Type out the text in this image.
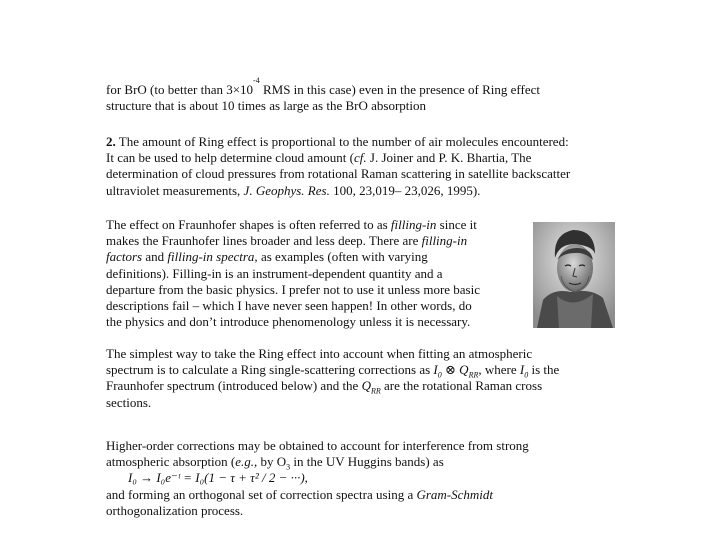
for BrO (to better than $3\times 10^{-4}$ RMS in this case) even in the presence of Ring effect
structure that is about 10 times as large as the BrO absorption
2. The amount of Ring effect is proportional to the number of air molecules encountered:
It can be used to help determine cloud amount (cf. J. Joiner and P. K. Bhartia, The
determination of cloud pressures from rotational Raman scattering in satellite backscatter
ultraviolet measurements, J. Geophys. Res. 100, 23,019– 23,026, 1995).
The effect on Fraunhofer shapes is often referred to as filling-in since it
makes the Fraunhofer lines broader and less deep. There are filling-in
factors and filling-in spectra, as examples (often with varying
definitions). Filling-in is an instrument-dependent quantity and a
departure from the basic physics. I prefer not to use it unless more basic
descriptions fail – which I have never seen happen! In other words, do
the physics and don’t introduce phenomenology unless it is necessary.
The simplest way to take the Ring effect into account when fitting an atmospheric
spectrum is to calculate a Ring single-scattering corrections as $I_0$ ⊗ $Q_{RR}$, where $I_0$ is the
Fraunhofer spectrum (introduced below) and the $Q_{RR}$ are the rotational Raman cross
sections.
Higher-order corrections may be obtained to account for interference from strong
atmospheric absorption (e.g., by $O_3$ in the UV Huggins bands) as
I₀ → I₀e⁻ᵗ = I₀(1 − τ + τ² / 2 − ···),
and forming an orthogonal set of correction spectra using a Gram-Schmidt
orthogonalization process.
